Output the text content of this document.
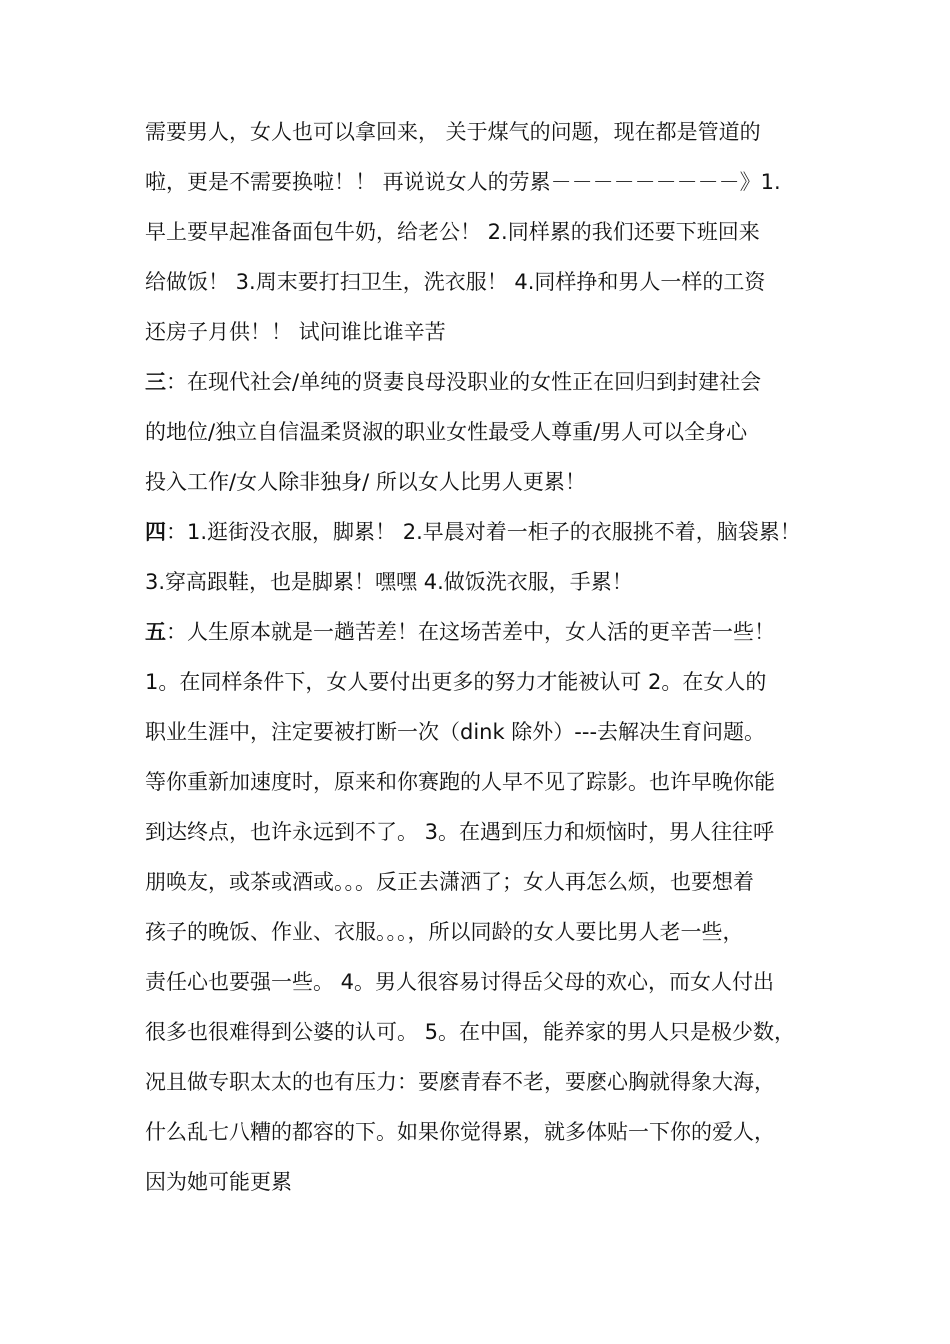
需要男人，女人也可以拿回来， 关于煤气的问题，现在都是管道的
啦，更是不需要换啦！！ 再说说女人的劳累－－－－－－－－－》1.
早上要早起准备面包牛奶，给老公！ 2.同样累的我们还要下班回来
给做饭！ 3.周末要打扫卫生，洗衣服！ 4.同样挣和男人一样的工资
还房子月供！！ 试问谁比谁辛苦
三：在现代社会/单纯的贤妻良母没职业的女性正在回归到封建社会
的地位/独立自信温柔贤淑的职业女性最受人尊重/男人可以全身心
投入工作/女人除非独身/ 所以女人比男人更累！
四：1.逛街没衣服，脚累！ 2.早晨对着一柜子的衣服挑不着，脑袋累！
3.穿高跟鞋，也是脚累！嘿嘿 4.做饭洗衣服，手累！
五：人生原本就是一趟苦差！在这场苦差中，女人活的更辛苦一些！
1。在同样条件下，女人要付出更多的努力才能被认可 2。在女人的
职业生涯中，注定要被打断一次（dink 除外）---去解决生育问题。
等你重新加速度时，原来和你赛跑的人早不见了踪影。也许早晚你能
到达终点，也许永远到不了。 3。在遇到压力和烦恼时，男人往往呼
朋唤友，或茶或酒或。。。反正去潇洒了；女人再怎么烦，也要想着
孩子的晚饭、作业、衣服。。。，所以同龄的女人要比男人老一些，
责任心也要强一些。 4。男人很容易讨得岳父母的欢心，而女人付出
很多也很难得到公婆的认可。 5。在中国，能养家的男人只是极少数，
况且做专职太太的也有压力：要麽青春不老，要麽心胸就得象大海，
什么乱七八糟的都容的下。如果你觉得累，就多体贴一下你的爱人，
因为她可能更累
